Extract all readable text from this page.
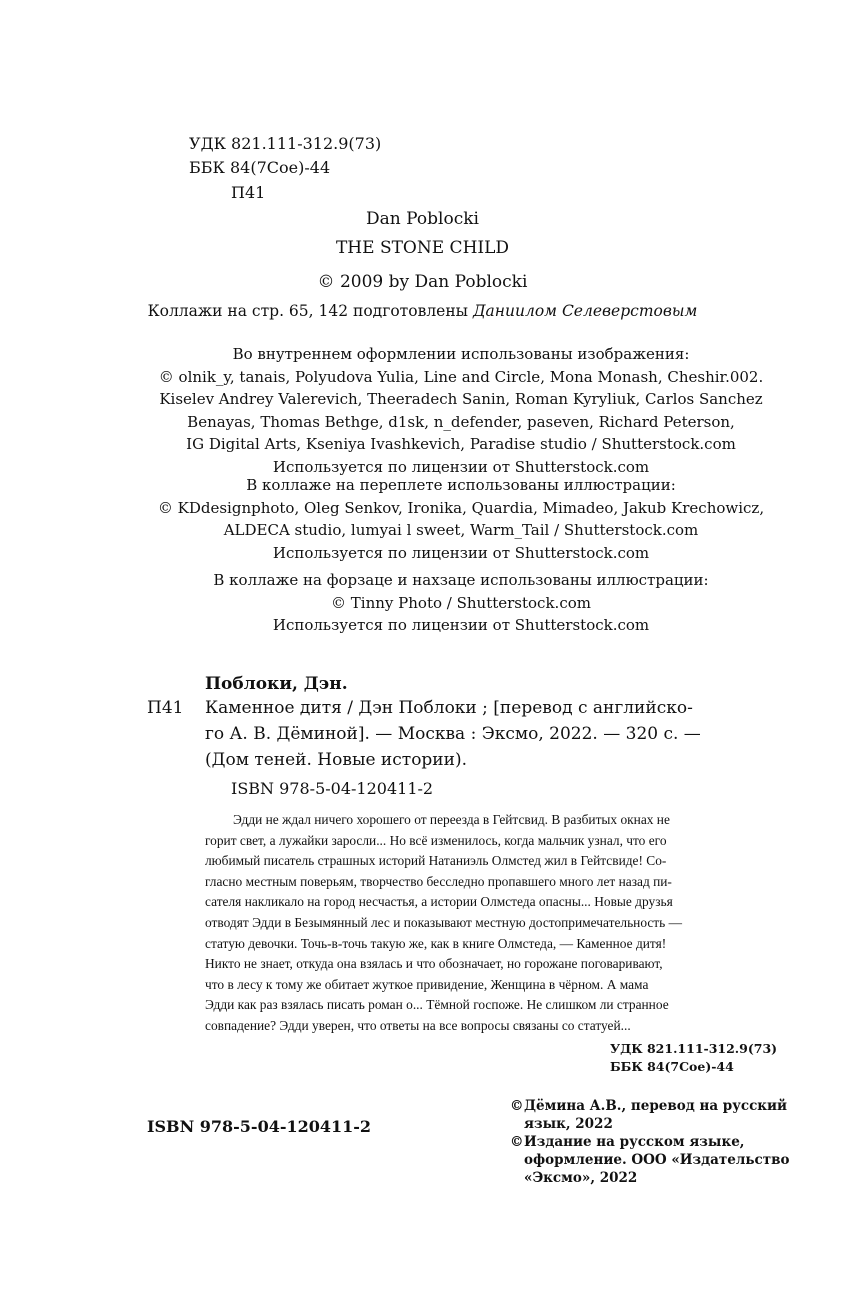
УДК 821.111-312.9(73)
ББК 84(7Сое)-44
П41
Dan Poblocki
THE STONE CHILD
© 2009 by Dan Poblocki
Коллажи на стр. 65, 142 подготовлены Даниилом Селеверстовым
Во внутреннем оформлении использованы изображения:
© olnik_y, tanais, Polyudova Yulia, Line and Circle, Mona Monash, Cheshir.002.
Kiselev Andrey Valerevich, Theeradech Sanin, Roman Kyryliuk, Carlos Sanchez
Benayas, Thomas Bethge, d1sk, n_defender, paseven, Richard Peterson,
IG Digital Arts, Kseniya Ivashkevich, Paradise studio / Shutterstock.com
Используется по лицензии от Shutterstock.com
В коллаже на переплете использованы иллюстрации:
© KDdesignphoto, Oleg Senkov, Ironika, Quardia, Mimadeo, Jakub Krechowicz,
ALDECA studio, lumyai l sweet, Warm_Tail / Shutterstock.com
Используется по лицензии от Shutterstock.com
В коллаже на форзаце и нахзаце использованы иллюстрации:
© Tinny Photo / Shutterstock.com
Используется по лицензии от Shutterstock.com
Поблоки, Дэн.
П41 Каменное дитя / Дэн Поблоки ; [перевод с английско-
го А. В. Дёминой]. — Москва : Эксмо, 2022. — 320 с. —
(Дом теней. Новые истории).
ISBN 978-5-04-120411-2
Эдди не ждал ничего хорошего от переезда в Гейтсвид. В разбитых окнах не
горит свет, а лужайки заросли... Но всё изменилось, когда мальчик узнал, что его
любимый писатель страшных историй Натаниэль Олмстед жил в Гейтсвиде! Со-
гласно местным поверьям, творчество бесследно пропавшего много лет назад пи-
сателя накликало на город несчастья, а истории Олмстеда опасны... Новые друзья
отводят Эдди в Безымянный лес и показывают местную достопримечательность —
статую девочки. Точь-в-точь такую же, как в книге Олмстеда, — Каменное дитя!
Никто не знает, откуда она взялась и что обозначает, но горожане поговаривают,
что в лесу к тому же обитает жуткое привидение, Женщина в чёрном. А мама
Эдди как раз взялась писать роман о... Тёмной госпоже. Не слишком ли странное
совпадение? Эдди уверен, что ответы на все вопросы связаны со статуей...
УДК 821.111-312.9(73)
ББК 84(7Сое)-44
ISBN 978-5-04-120411-2
© Дёмина А.В., перевод на русский
язык, 2022
© Издание на русском языке,
оформление. ООО «Издательство
«Эксмо», 2022
